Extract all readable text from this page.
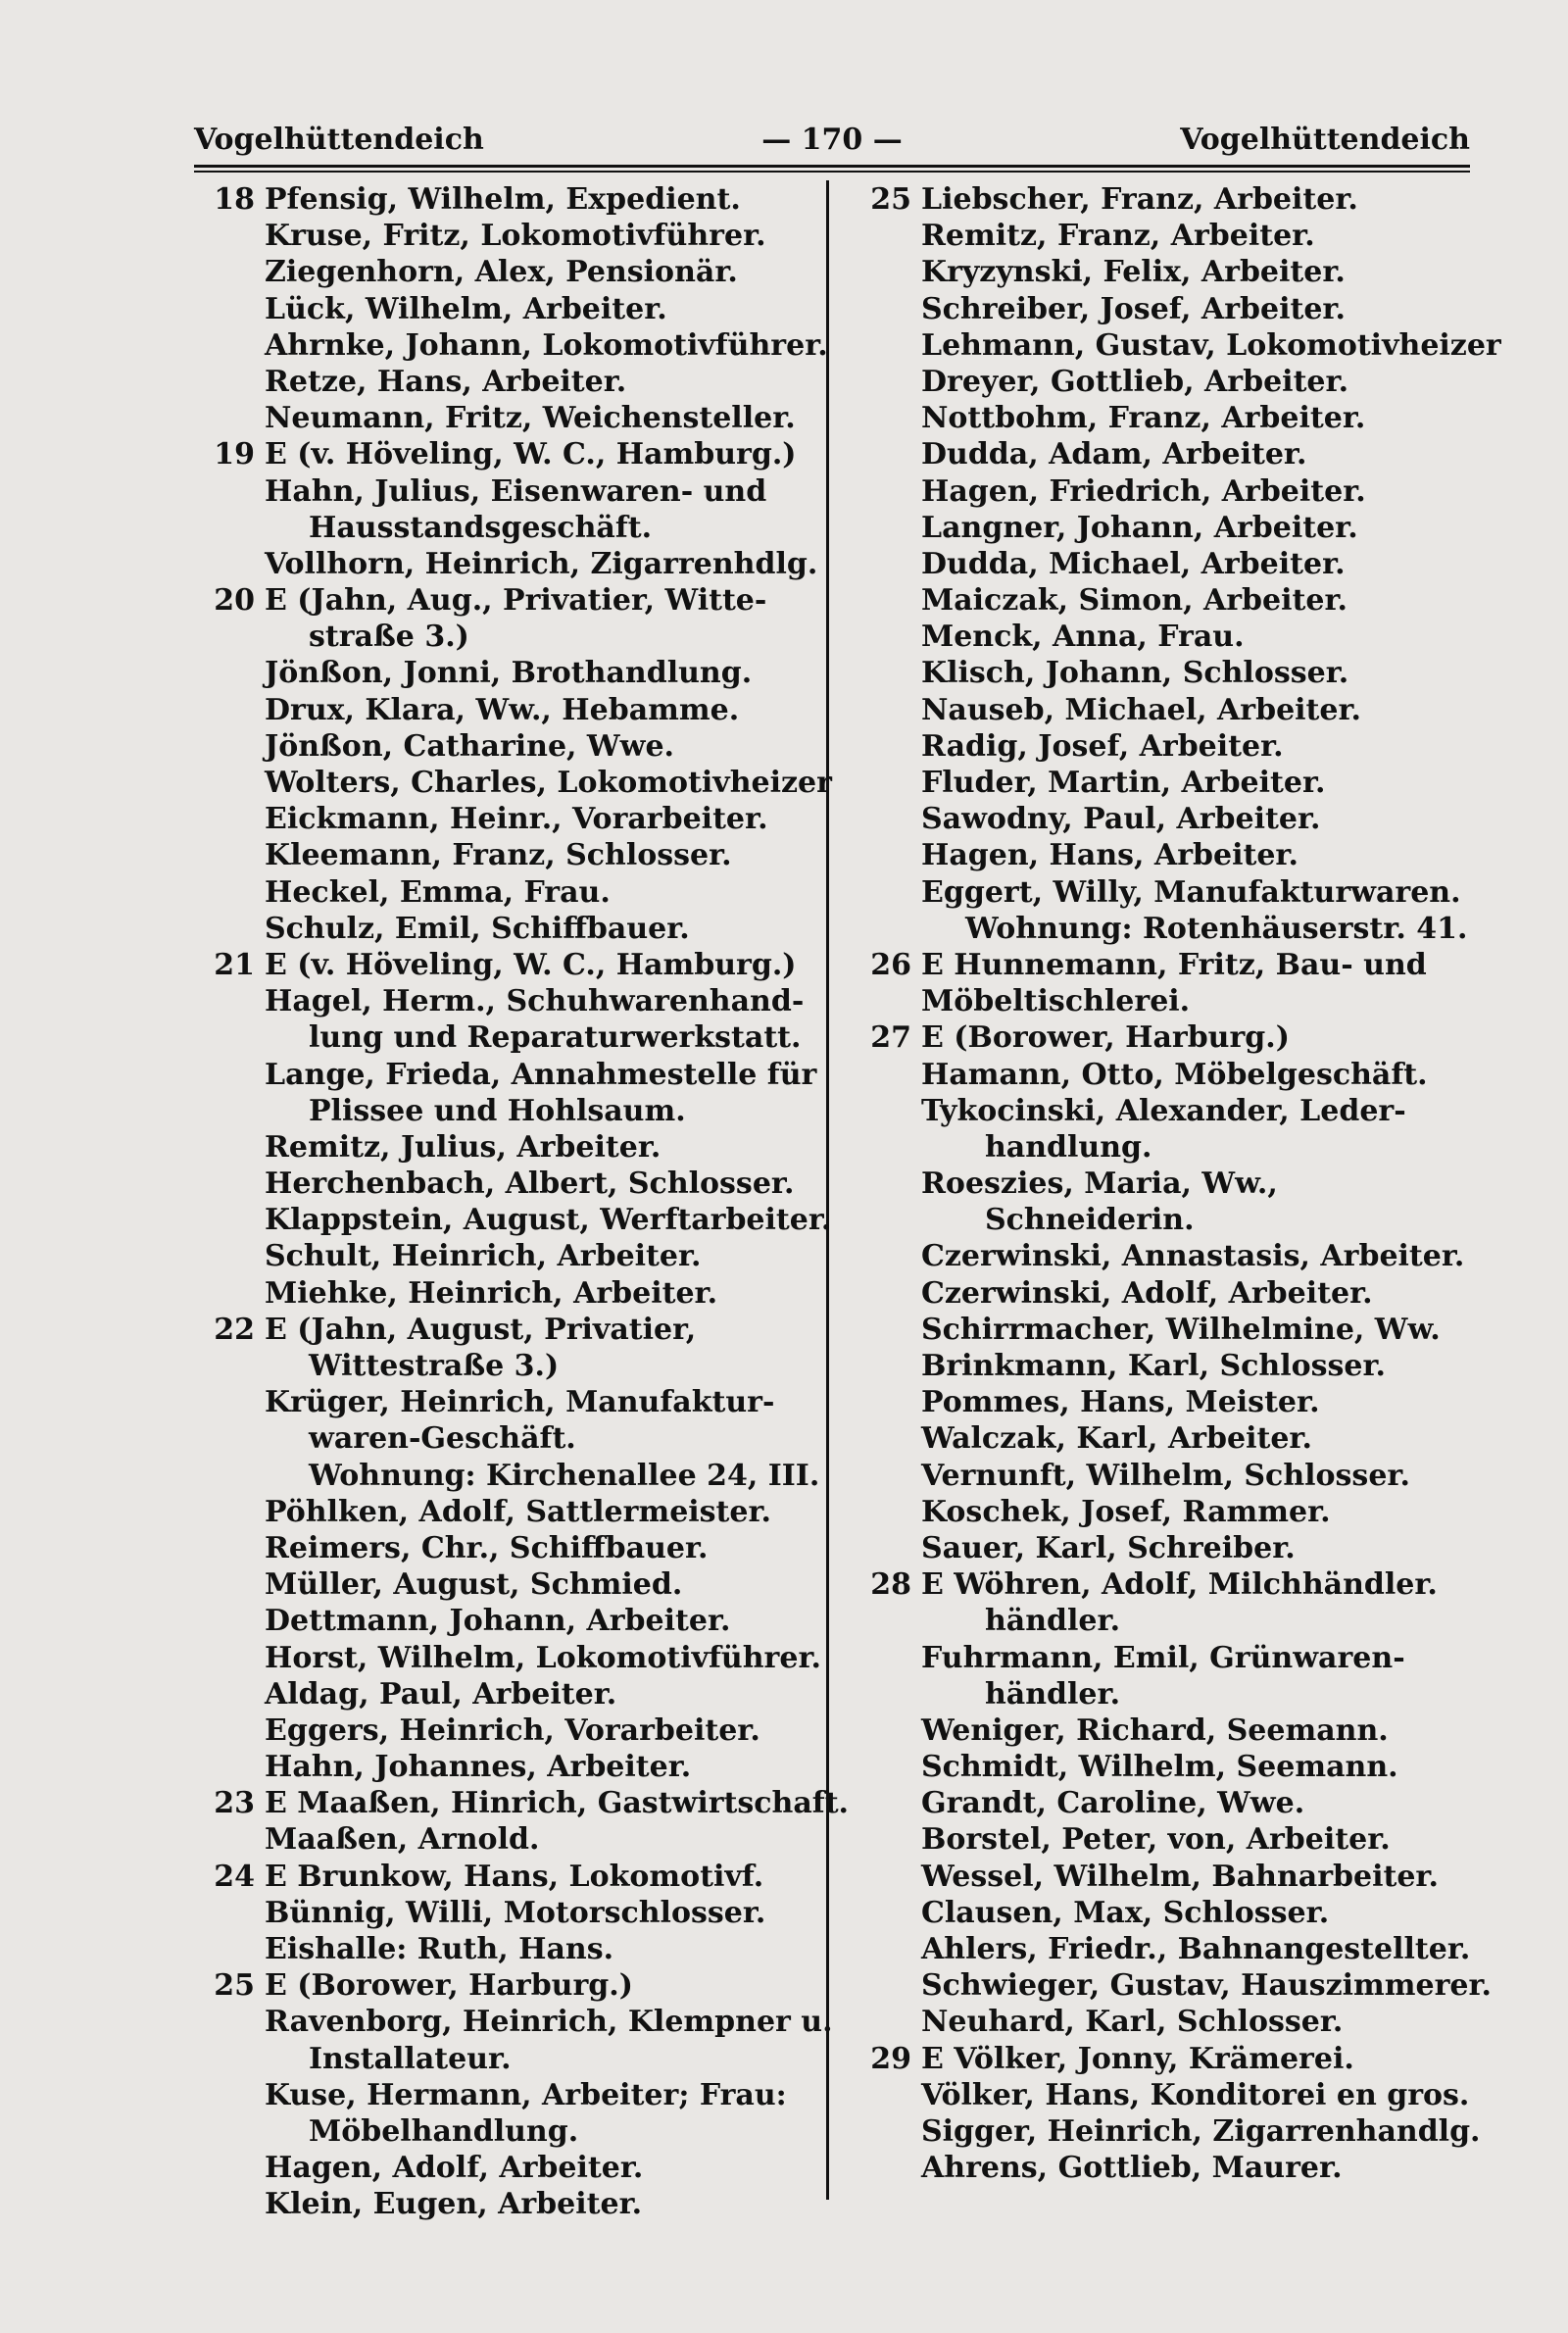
Vogelhüttendeich	— 170 —	Vogelhüttendeich
18 Pfensig, Wilhelm, Expedient.
Kruse, Fritz, Lokomotivführer.
Ziegenhorn, Alex, Pensionär.
Lück, Wilhelm, Arbeiter.
Ahrnke, Johann, Lokomotivführer.
Retze, Hans, Arbeiter.
Neumann, Fritz, Weichensteller.
19 E (v. Höveling, W. C., Hamburg.)
Hahn, Julius, Eisenwaren- und
Hausstandsgeschäft.
Vollhorn, Heinrich, Zigarrenhdlg.
20 E (Jahn, Aug., Privatier, Witte-
straße 3.)
Jönßon, Jonni, Brothandlung.
Drux, Klara, Ww., Hebamme.
Jönßon, Catharine, Wwe.
Wolters, Charles, Lokomotivheizer
Eickmann, Heinr., Vorarbeiter.
Kleemann, Franz, Schlosser.
Heckel, Emma, Frau.
Schulz, Emil, Schiffbauer.
21 E (v. Höveling, W. C., Hamburg.)
Hagel, Herm., Schuhwarenhand-
lung und Reparaturwerkstatt.
Lange, Frieda, Annahmestelle für
Plissee und Hohlsaum.
Remitz, Julius, Arbeiter.
Herchenbach, Albert, Schlosser.
Klappstein, August, Werftarbeiter.
Schult, Heinrich, Arbeiter.
Miehke, Heinrich, Arbeiter.
22 E (Jahn, August, Privatier,
Wittestraße 3.)
Krüger, Heinrich, Manufaktur-
waren-Geschäft.
Wohnung: Kirchenallee 24, III.
Pöhlken, Adolf, Sattlermeister.
Reimers, Chr., Schiffbauer.
Müller, August, Schmied.
Dettmann, Johann, Arbeiter.
Horst, Wilhelm, Lokomotivführer.
Aldag, Paul, Arbeiter.
Eggers, Heinrich, Vorarbeiter.
Hahn, Johannes, Arbeiter.
23 E Maaßen, Hinrich, Gastwirtschaft.
Maaßen, Arnold.
24 E Brunkow, Hans, Lokomotivf.
Bünnig, Willi, Motorschlosser.
Eishalle: Ruth, Hans.
25 E (Borower, Harburg.)
Ravenborg, Heinrich, Klempner u.
Installateur.
Kuse, Hermann, Arbeiter; Frau:
Möbelhandlung.
Hagen, Adolf, Arbeiter.
Klein, Eugen, Arbeiter.
25 Liebscher, Franz, Arbeiter.
Remitz, Franz, Arbeiter.
Kryzynski, Felix, Arbeiter.
Schreiber, Josef, Arbeiter.
Lehmann, Gustav, Lokomotivheizer
Dreyer, Gottlieb, Arbeiter.
Nottbohm, Franz, Arbeiter.
Dudda, Adam, Arbeiter.
Hagen, Friedrich, Arbeiter.
Langner, Johann, Arbeiter.
Dudda, Michael, Arbeiter.
Maiczak, Simon, Arbeiter.
Menck, Anna, Frau.
Klisch, Johann, Schlosser.
Nauseb, Michael, Arbeiter.
Radig, Josef, Arbeiter.
Fluder, Martin, Arbeiter.
Sawodny, Paul, Arbeiter.
Hagen, Hans, Arbeiter.
Eggert, Willy, Manufakturwaren.
Wohnung: Rotenhäuserstr. 41.
26 E Hunnemann, Fritz, Bau- und
Möbeltischlerei.
27 E (Borower, Harburg.)
Hamann, Otto, Möbelgeschäft.
Tykocinski, Alexander, Leder-
handlung.
Roeszies, Maria, Ww.,
Schneiderin.
Czerwinski, Annastasis, Arbeiter.
Czerwinski, Adolf, Arbeiter.
Schirrmacher, Wilhelmine, Ww.
Brinkmann, Karl, Schlosser.
Pommes, Hans, Meister.
Walczak, Karl, Arbeiter.
Vernunft, Wilhelm, Schlosser.
Koschek, Josef, Rammer.
Sauer, Karl, Schreiber.
28 E Wöhren, Adolf, Milchhändler.
händler.
Fuhrmann, Emil, Grünwaren-
händler.
Weniger, Richard, Seemann.
Schmidt, Wilhelm, Seemann.
Grandt, Caroline, Wwe.
Borstel, Peter, von, Arbeiter.
Wessel, Wilhelm, Bahnarbeiter.
Clausen, Max, Schlosser.
Ahlers, Friedr., Bahnangestellter.
Schwieger, Gustav, Hauszimmerer.
Neuhard, Karl, Schlosser.
29 E Völker, Jonny, Krämerei.
Völker, Hans, Konditorei en gros.
Sigger, Heinrich, Zigarrenhandlg.
Ahrens, Gottlieb, Maurer.
